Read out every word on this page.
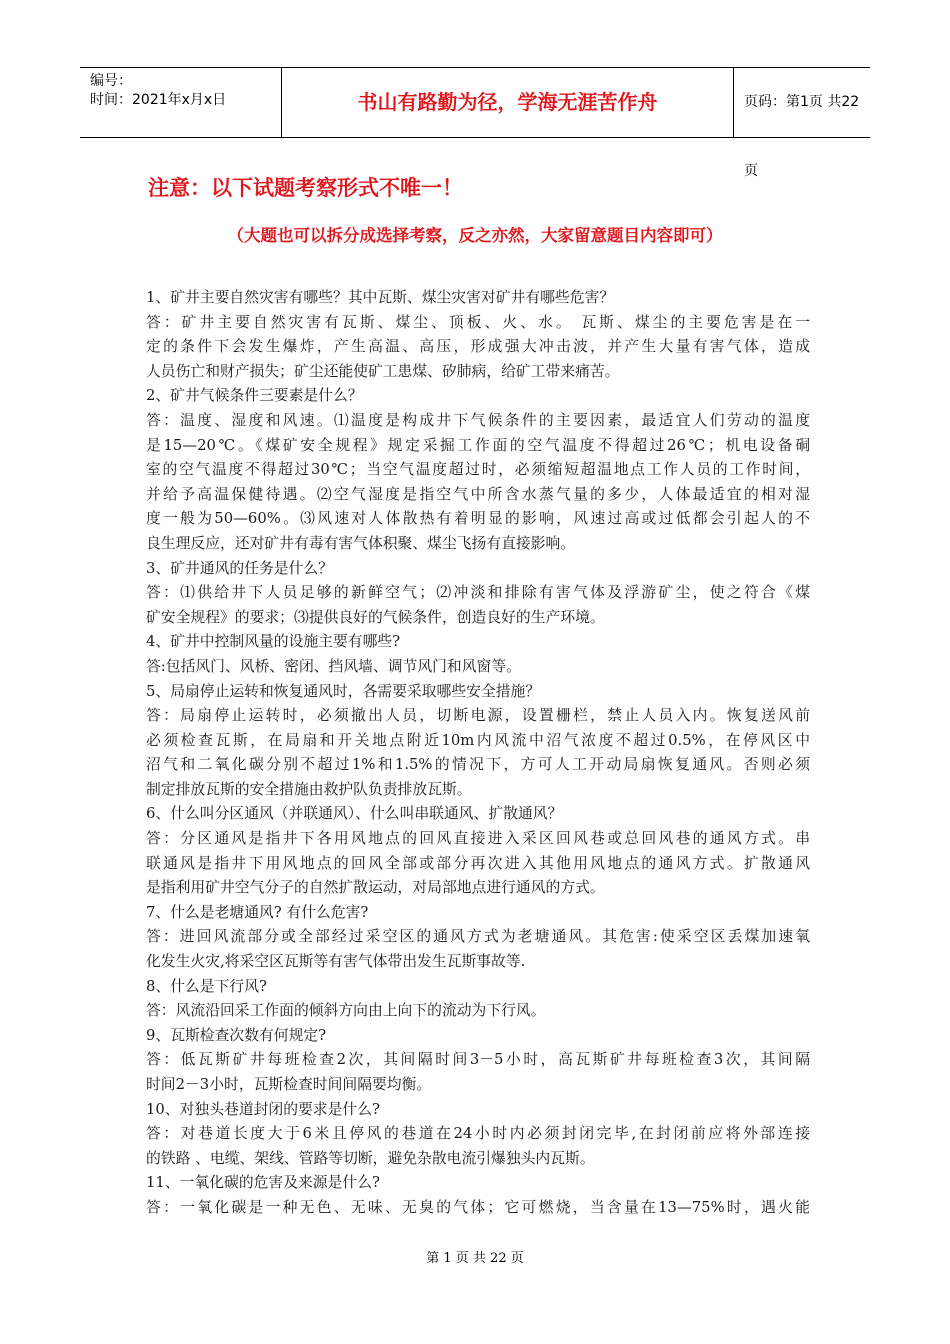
编号：
时间：2021年x月x日	书山有路勤为径，学海无涯苦作舟	页码：第1页 共22页
注意：以下试题考察形式不唯一！
（大题也可以拆分成选择考察，反之亦然，大家留意题目内容即可）
1、矿井主要自然灾害有哪些？其中瓦斯、煤尘灾害对矿井有哪些危害？
答：矿井主要自然灾害有瓦斯、煤尘、顶板、火、水。 瓦斯、煤尘的主要危害是在一
定的条件下会发生爆炸，产生高温、高压，形成强大冲击波，并产生大量有害气体，造成
人员伤亡和财产损失；矿尘还能使矿工患煤、矽肺病，给矿工带来痛苦。
2、矿井气候条件三要素是什么？
答：温度、湿度和风速。⑴温度是构成井下气候条件的主要因素，最适宜人们劳动的温度
是15—20℃。《煤矿安全规程》规定采掘工作面的空气温度不得超过26℃；机电设备硐
室的空气温度不得超过30℃；当空气温度超过时，必须缩短超温地点工作人员的工作时间，
并给予高温保健待遇。⑵空气湿度是指空气中所含水蒸气量的多少，人体最适宜的相对湿
度一般为50—60%。⑶风速对人体散热有着明显的影响，风速过高或过低都会引起人的不
良生理反应，还对矿井有毒有害气体积聚、煤尘飞扬有直接影响。
3、矿井通风的任务是什么？
答：⑴供给井下人员足够的新鲜空气；⑵冲淡和排除有害气体及浮游矿尘，使之符合《煤
矿安全规程》的要求；⑶提供良好的气候条件，创造良好的生产环境。
4、矿井中控制风量的设施主要有哪些?
答:包括风门、风桥、密闭、挡风墙、调节风门和风窗等。
5、局扇停止运转和恢复通风时，各需要采取哪些安全措施？
答：局扇停止运转时，必须撤出人员，切断电源，设置栅栏，禁止人员入内。恢复送风前
必须检查瓦斯，在局扇和开关地点附近10m内风流中沼气浓度不超过0.5%，在停风区中
沼气和二氧化碳分别不超过1%和1.5%的情况下，方可人工开动局扇恢复通风。否则必须
制定排放瓦斯的安全措施由救护队负责排放瓦斯。
6、什么叫分区通风（并联通风）、什么叫串联通风、扩散通风？
答：分区通风是指井下各用风地点的回风直接进入采区回风巷或总回风巷的通风方式。串
联通风是指井下用风地点的回风全部或部分再次进入其他用风地点的通风方式。扩散通风
是指利用矿井空气分子的自然扩散运动，对局部地点进行通风的方式。
7、什么是老塘通风? 有什么危害?
答：进回风流部分或全部经过采空区的通风方式为老塘通风。其危害:使采空区丢煤加速氧
化发生火灾,将采空区瓦斯等有害气体带出发生瓦斯事故等.
8、什么是下行风?
答：风流沿回采工作面的倾斜方向由上向下的流动为下行风。
9、瓦斯检查次数有何规定?
答：低瓦斯矿井每班检查2次，其间隔时间3－5小时，高瓦斯矿井每班检查3次，其间隔
时间2－3小时，瓦斯检查时间间隔要均衡。
10、对独头巷道封闭的要求是什么?
答：对巷道长度大于6米且停风的巷道在24小时内必须封闭完毕,在封闭前应将外部连接
的铁路 、电缆、架线、管路等切断，避免杂散电流引爆独头内瓦斯。
11、一氧化碳的危害及来源是什么?
答：一氧化碳是一种无色、无味、无臭的气体；它可燃烧，当含量在13—75%时，遇火能
第 1 页 共 22 页
